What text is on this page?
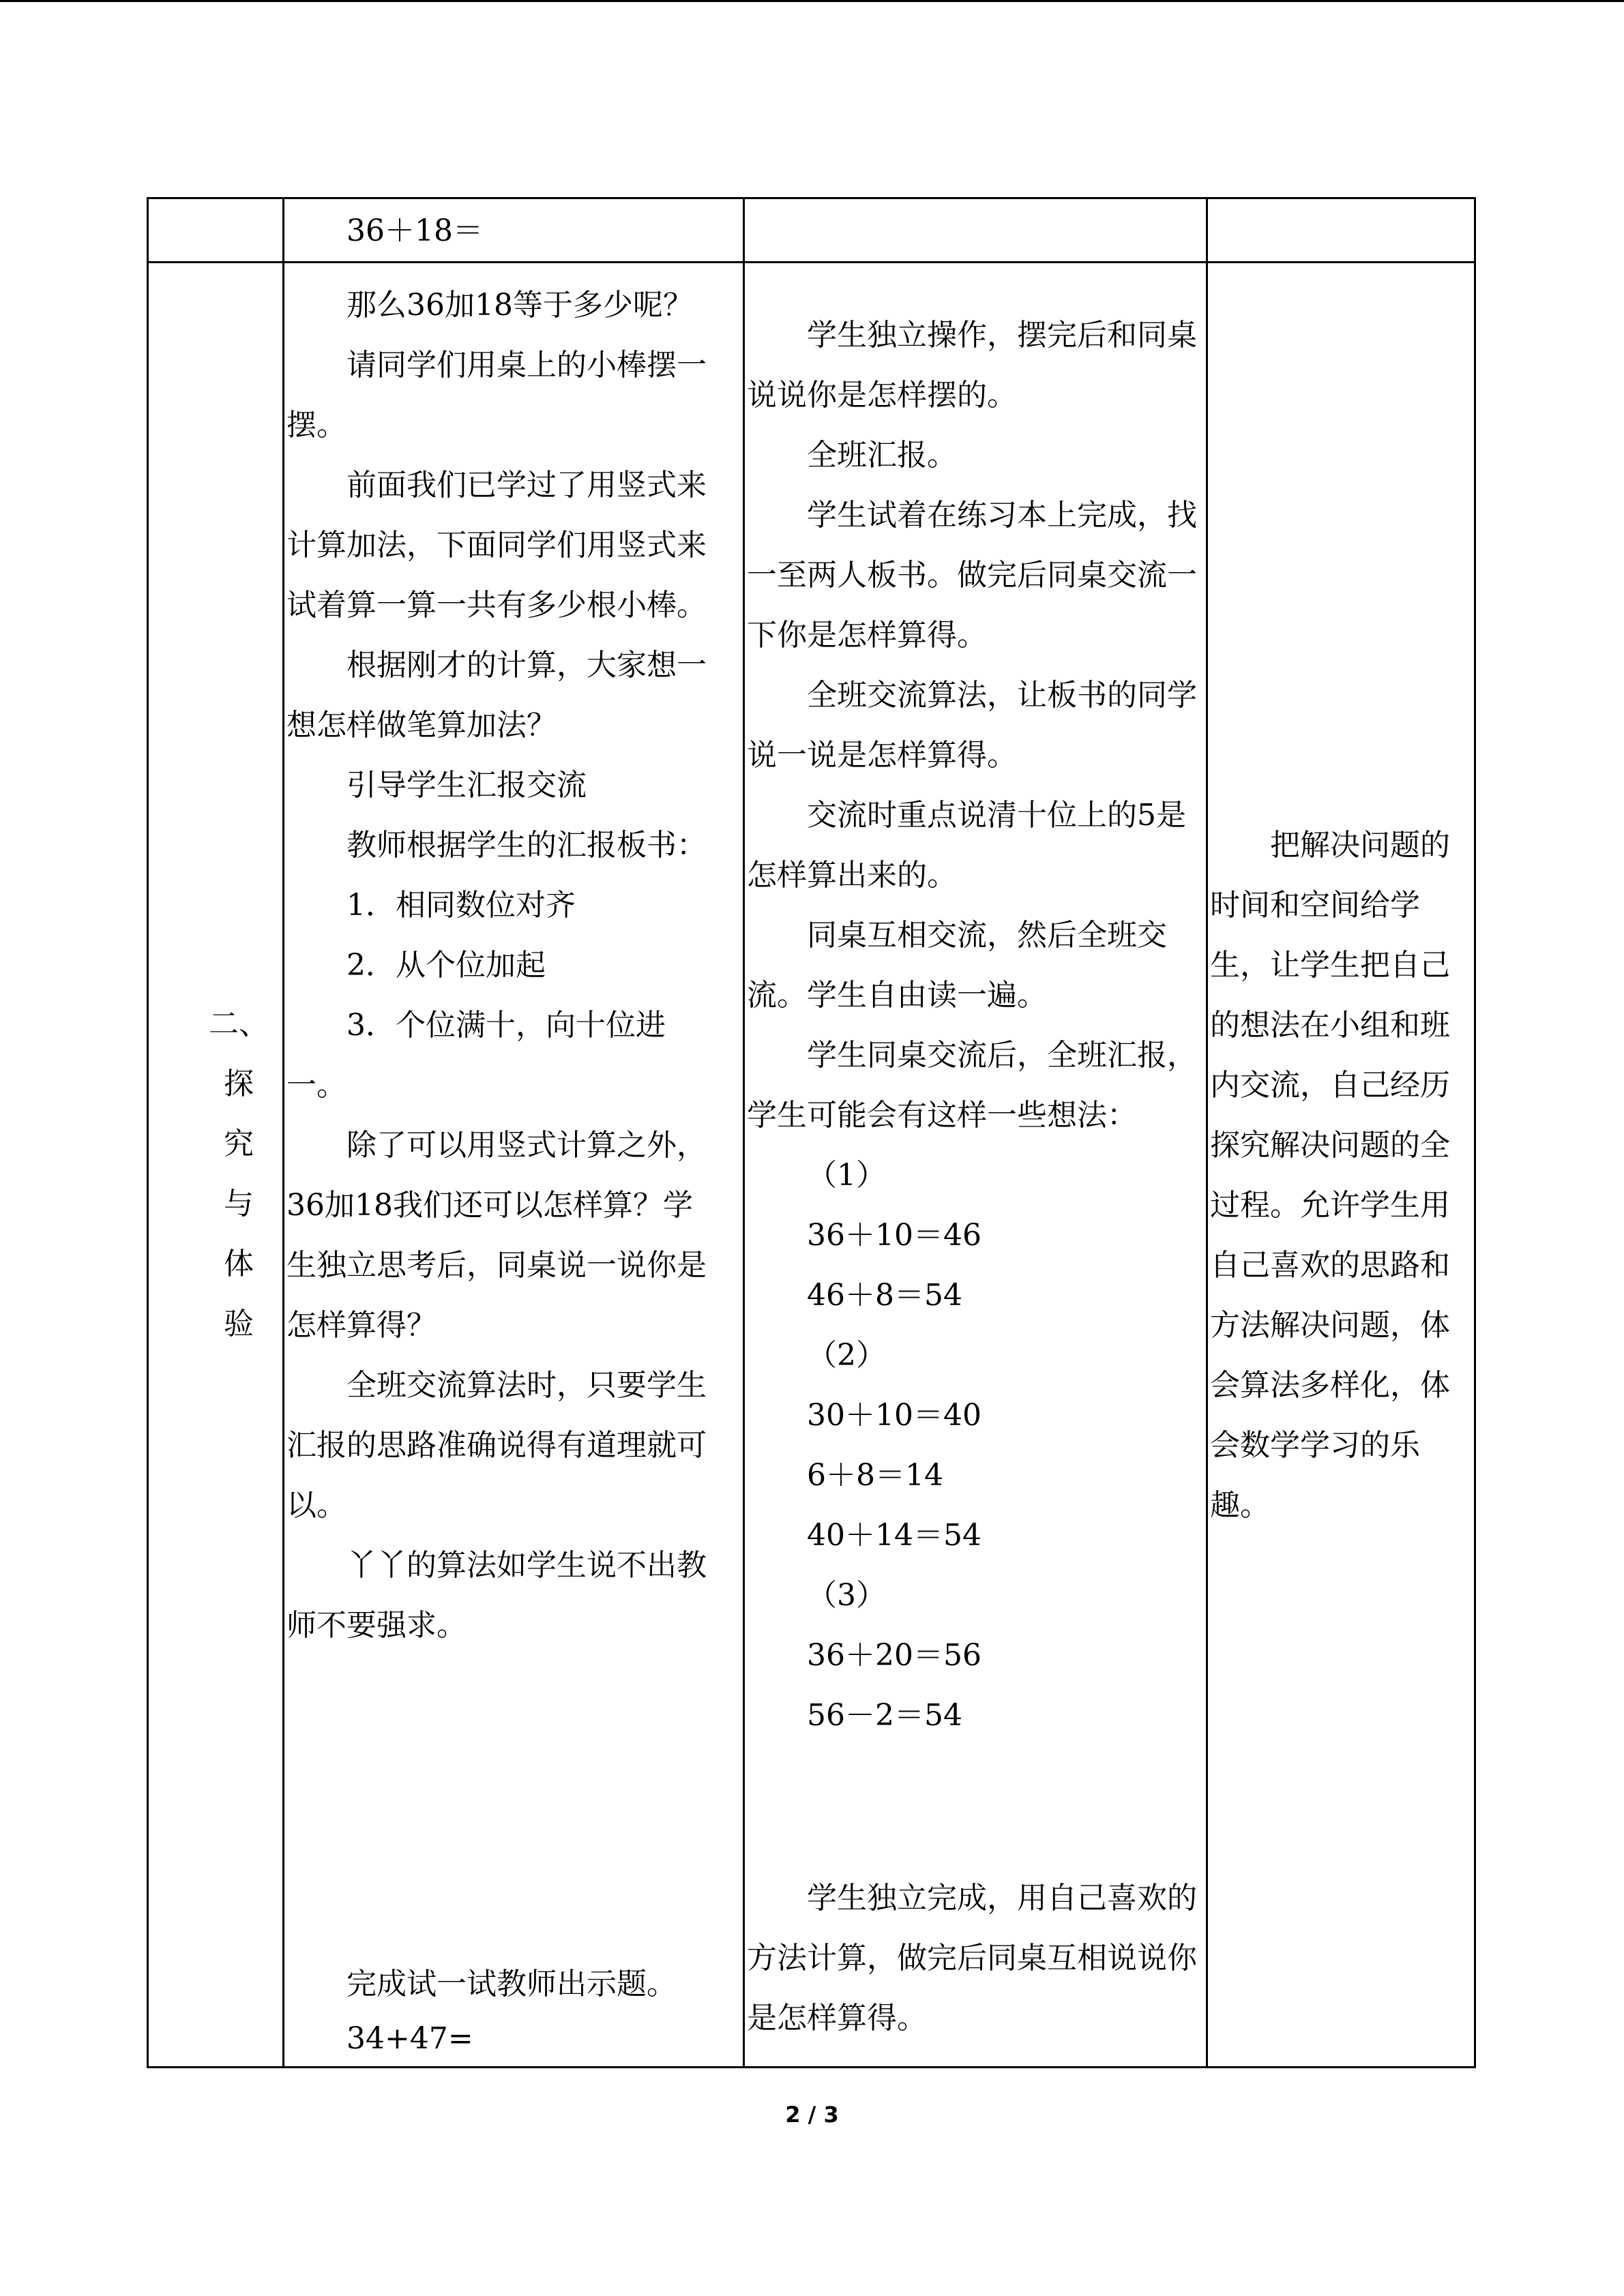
36＋18＝

二、
探
究
与
体
验

那么36加18等于多少呢？

请同学们用桌上的小棒摆一摆。

前面我们已学过了用竖式来计算加法，下面同学们用竖式来试着算一算一共有多少根小棒。

根据刚才的计算，大家想一想怎样做笔算加法？

引导学生汇报交流

教师根据学生的汇报板书：

1．相同数位对齐

2．从个位加起

3．个位满十，向十位进一。

除了可以用竖式计算之外，36加18我们还可以怎样算？学生独立思考后，同桌说一说你是怎样算得？

全班交流算法时，只要学生汇报的思路准确说得有道理就可以。

丫丫的算法如学生说不出教师不要强求。

完成试一试教师出示题。

34+47=

学生独立操作，摆完后和同桌说说你是怎样摆的。

全班汇报。

学生试着在练习本上完成，找一至两人板书。做完后同桌交流一下你是怎样算得。

全班交流算法，让板书的同学说一说是怎样算得。

交流时重点说清十位上的5是怎样算出来的。

同桌互相交流，然后全班交流。学生自由读一遍。

学生同桌交流后，全班汇报，学生可能会有这样一些想法：

（1）

36＋10＝46

46＋8＝54

（2）

30＋10＝40

6＋8＝14

40＋14＝54

（3）

36＋20＝56

56－2＝54

学生独立完成，用自己喜欢的方法计算，做完后同桌互相说说你是怎样算得。

把解决问题的时间和空间给学生，让学生把自己的想法在小组和班内交流，自己经历探究解决问题的全过程。允许学生用自己喜欢的思路和方法解决问题，体会算法多样化，体会数学学习的乐趣。

2 / 3
